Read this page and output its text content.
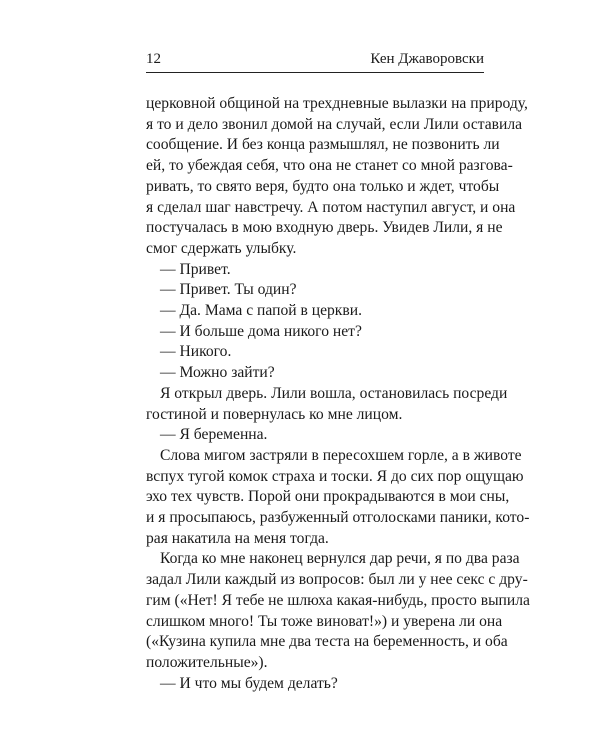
12	Кен Джаворовски
церковной общиной на трехдневные вылазки на природу,
я то и дело звонил домой на случай, если Лили оставила
сообщение. И без конца размышлял, не позвонить ли
ей, то убеждая себя, что она не станет со мной разгова-
ривать, то свято веря, будто она только и ждет, чтобы
я сделал шаг навстречу. А потом наступил август, и она
постучалась в мою входную дверь. Увидев Лили, я не
смог сдержать улыбку.
— Привет.
— Привет. Ты один?
— Да. Мама с папой в церкви.
— И больше дома никого нет?
— Никого.
— Можно зайти?
Я открыл дверь. Лили вошла, остановилась посреди
гостиной и повернулась ко мне лицом.
— Я беременна.
Слова мигом застряли в пересохшем горле, а в животе
вспух тугой комок страха и тоски. Я до сих пор ощущаю
эхо тех чувств. Порой они прокрадываются в мои сны,
и я просыпаюсь, разбуженный отголосками паники, кото-
рая накатила на меня тогда.
Когда ко мне наконец вернулся дар речи, я по два раза
задал Лили каждый из вопросов: был ли у нее секс с дру-
гим («Нет! Я тебе не шлюха какая-нибудь, просто выпила
слишком много! Ты тоже виноват!») и уверена ли она
(«Кузина купила мне два теста на беременность, и оба
положительные»).
— И что мы будем делать?
